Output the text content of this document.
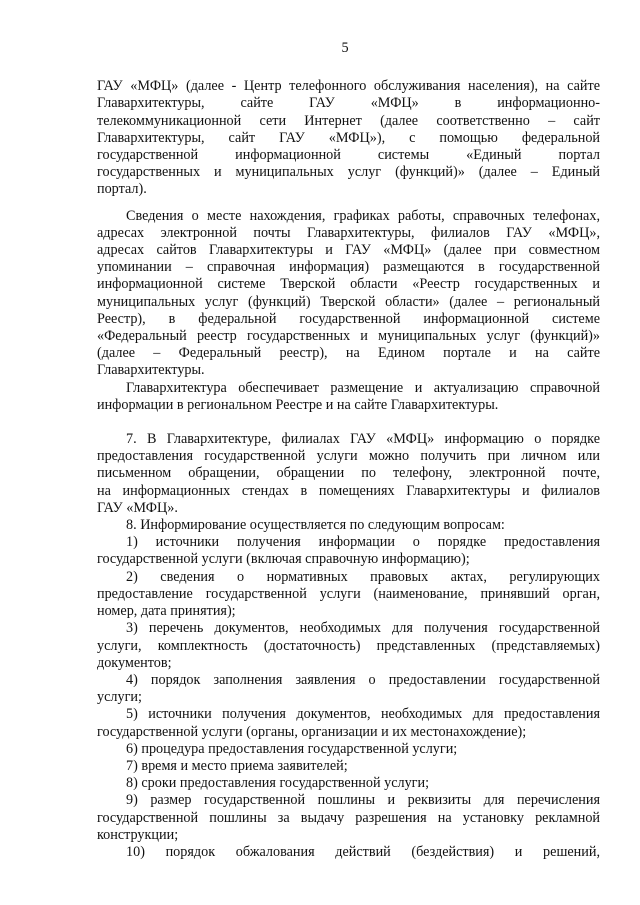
5
ГАУ «МФЦ» (далее - Центр телефонного обслуживания населения), на сайте
Главархитектуры, сайте ГАУ «МФЦ» в информационно-
телекоммуникационной сети Интернет (далее соответственно – сайт
Главархитектуры, сайт ГАУ «МФЦ»), с помощью федеральной
государственной информационной системы «Единый портал
государственных и муниципальных услуг (функций)» (далее – Единый
портал).
Сведения о месте нахождения, графиках работы, справочных телефонах,
адресах электронной почты Главархитектуры, филиалов ГАУ «МФЦ»,
адресах сайтов Главархитектуры и ГАУ «МФЦ» (далее при совместном
упоминании – справочная информация) размещаются в государственной
информационной системе Тверской области «Реестр государственных и
муниципальных услуг (функций) Тверской области» (далее – региональный
Реестр), в федеральной государственной информационной системе
«Федеральный реестр государственных и муниципальных услуг (функций)»
(далее – Федеральный реестр), на Едином портале и на сайте
Главархитектуры.
Главархитектура обеспечивает размещение и актуализацию справочной
информации в региональном Реестре и на сайте Главархитектуры.
7. В Главархитектуре, филиалах ГАУ «МФЦ» информацию о порядке
предоставления государственной услуги можно получить при личном или
письменном обращении, обращении по телефону, электронной почте,
на информационных стендах в помещениях Главархитектуры и филиалов
ГАУ «МФЦ».
8. Информирование осуществляется по следующим вопросам:
1) источники получения информации о порядке предоставления
государственной услуги (включая справочную информацию);
2) сведения о нормативных правовых актах, регулирующих
предоставление государственной услуги (наименование, принявший орган,
номер, дата принятия);
3) перечень документов, необходимых для получения государственной
услуги, комплектность (достаточность) представленных (представляемых)
документов;
4) порядок заполнения заявления о предоставлении государственной
услуги;
5) источники получения документов, необходимых для предоставления
государственной услуги (органы, организации и их местонахождение);
6) процедура предоставления государственной услуги;
7) время и место приема заявителей;
8) сроки предоставления государственной услуги;
9) размер государственной пошлины и реквизиты для перечисления
государственной пошлины за выдачу разрешения на установку рекламной
конструкции;
10) порядок обжалования действий (бездействия) и решений,
